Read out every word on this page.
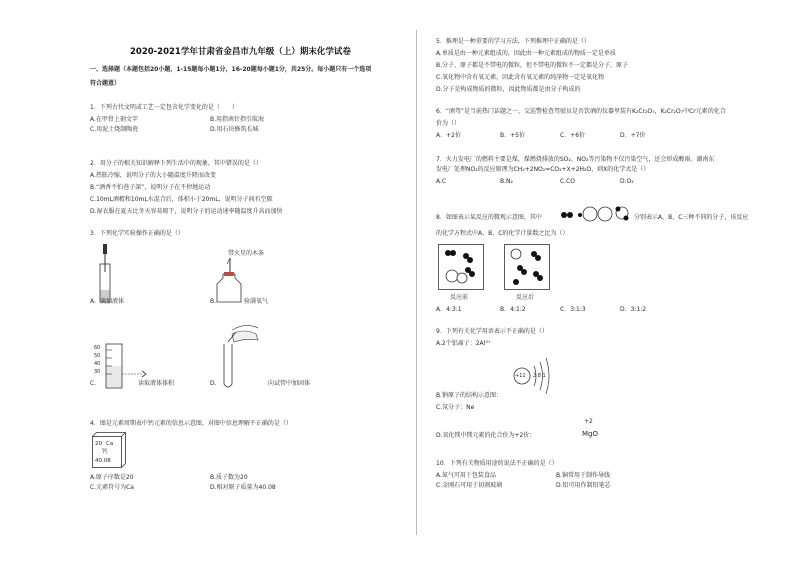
2020-2021学年甘肃省金昌市九年级（上）期末化学试卷
一、选择题（本题包括20小题，1-15题每小题1分，16-20题每小题1分，共25分。每小题只有一个选项
符合题意）
1．下列古代文明或工艺一定包含化学变化的是（　　）
A.在甲骨上刻文字	B.用指南针指引航海
C.用泥土烧制陶瓷	D.用石块修筑长城
2．用分子的相关知识解释下列生活中的现象，其中错误的是（）
A.热胀冷缩，说明分子的大小随温度升降而改变
B.“酒香不怕巷子深”，说明分子在不停地运动
C.10mL酒精和10mL水混合后，体积小于20mL，说明分子间有空隙
D.湿衣服在夏天比冬天容易晾干，说明分子的运动速率随温度升高而加快
3．下列化学实验操作正确的是（）
带火星的木条
A. 滴加液体	B.	验满氧气
60
50
40
30
C.	读取液体体积	D.	向试管中加固体
4．图是元素周期表中钙元素的信息示意图，对图中信息理解不正确的是（）
20 Ca
钙
40.08
A.原子序数是20	B.质子数为20
C.元素符号为Ca	D.相对原子质量为40.08
5．推理是一种重要的学习方法，下列推理中正确的是（）
A.单质是由一种元素组成的，因此由一种元素组成的物质一定是单质
B.分子、原子都是不带电的微粒，但不带电的微粒不一定都是分子、原子
C.氧化物中含有氧元素，因此含有氧元素的纯净物一定是氧化物
D.分子是构成物质的微粒，因此物质都是由分子构成的
6．“酒驾”是当前热门话题之一，交巡警检查驾驶员是否饮酒的仪器里装有K₂Cr₂O₇，K₂Cr₂O₇中Cr元素的化合
价为（）
A．+2价	B．+5价	C．+6价	D．+7价
7．火力发电厂的燃料主要是煤，煤燃烧排放的SO₂、NO₂等污染物不仅污染空气，还会形成酸雨。湖南东
发电厂处理NO₂的反应原理为CH₄+2NO₂=CO₂+X+2H₂O，则X的化学式是（）
A.C	B.N₂	C.CO	D.O₂
8．如图表示某反应的微观示意图，其中	分别表示A、B、C三种不同的分子，该反应
的化学方程式中A、B、C的化学计量数之比为（）
反应前	反应后
A．4:3:1	B．4:1:2	C．3:1:3	D．3:1:2
9．下列有关化学用语表示不正确的是（）
A.2个铝离子：2Al³⁺
+11 2 8 1
B.钠原子的结构示意图：
C.氖分子：Ne
+2
D.氧化镁中镁元素的化合价为+2价：	MgO
10．下列有关物质用途的说法不正确的是（）
A.氮气可用于包装食品	B.铜常用于制作导线
C.金刚石可用于切割玻璃	D.铝可用作制铅笔芯
